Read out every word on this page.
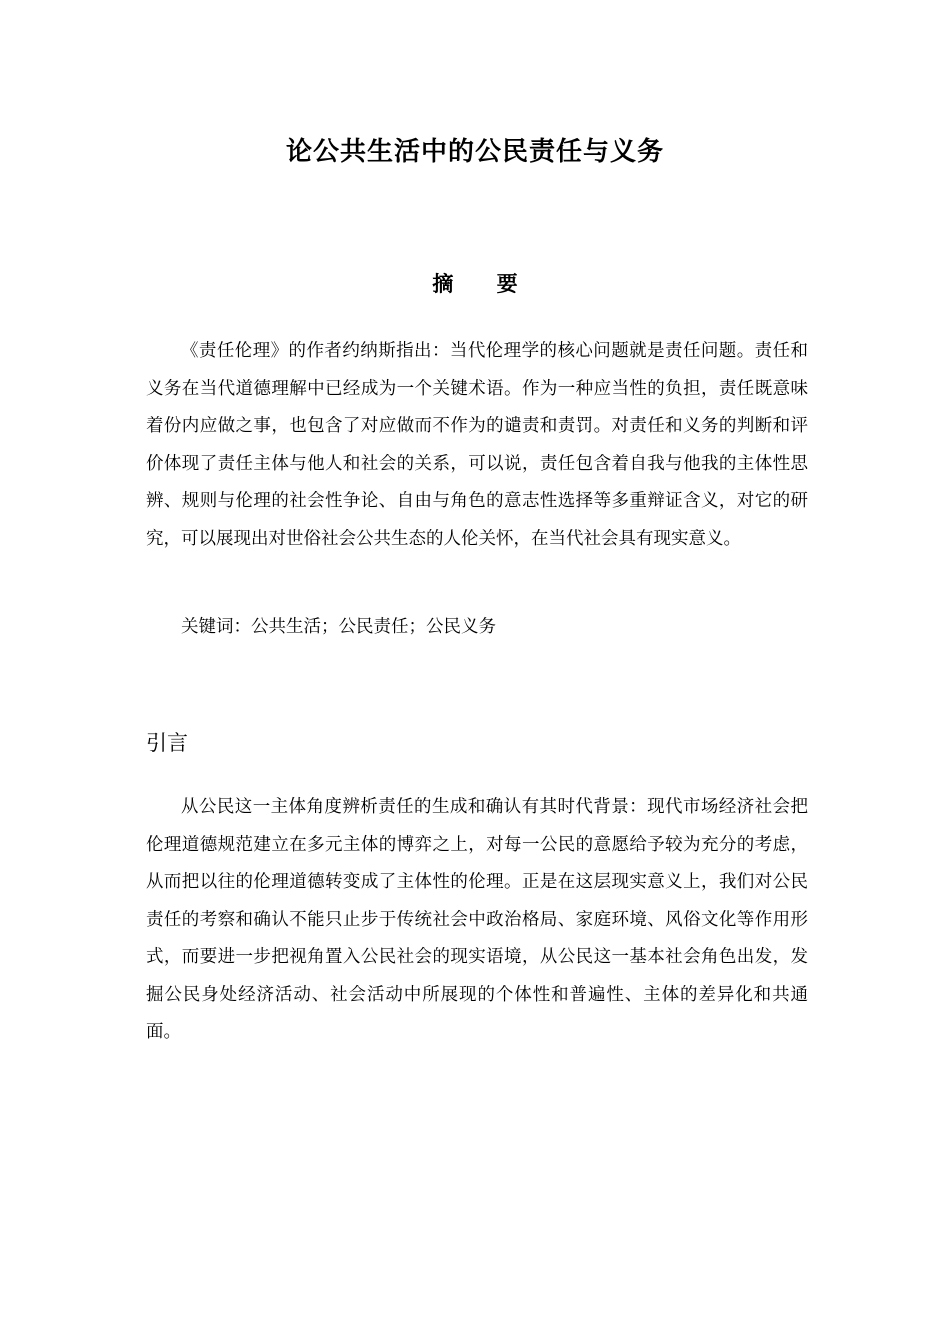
论公共生活中的公民责任与义务
摘 要

《责任伦理》的作者约纳斯指出：当代伦理学的核心问题就是责任问题。责任和义务在当代道德理解中已经成为一个关键术语。作为一种应当性的负担，责任既意味着份内应做之事，也包含了对应做而不作为的谴责和责罚。对责任和义务的判断和评价体现了责任主体与他人和社会的关系，可以说，责任包含着自我与他我的主体性思辨、规则与伦理的社会性争论、自由与角色的意志性选择等多重辩证含义，对它的研究，可以展现出对世俗社会公共生态的人伦关怀，在当代社会具有现实意义。

关键词：公共生活；公民责任；公民义务
引言

从公民这一主体角度辨析责任的生成和确认有其时代背景：现代市场经济社会把伦理道德规范建立在多元主体的博弈之上，对每一公民的意愿给予较为充分的考虑，从而把以往的伦理道德转变成了主体性的伦理。正是在这层现实意义上，我们对公民责任的考察和确认不能只止步于传统社会中政治格局、家庭环境、风俗文化等作用形式，而要进一步把视角置入公民社会的现实语境，从公民这一基本社会角色出发，发掘公民身处经济活动、社会活动中所展现的个体性和普遍性、主体的差异化和共通面。
